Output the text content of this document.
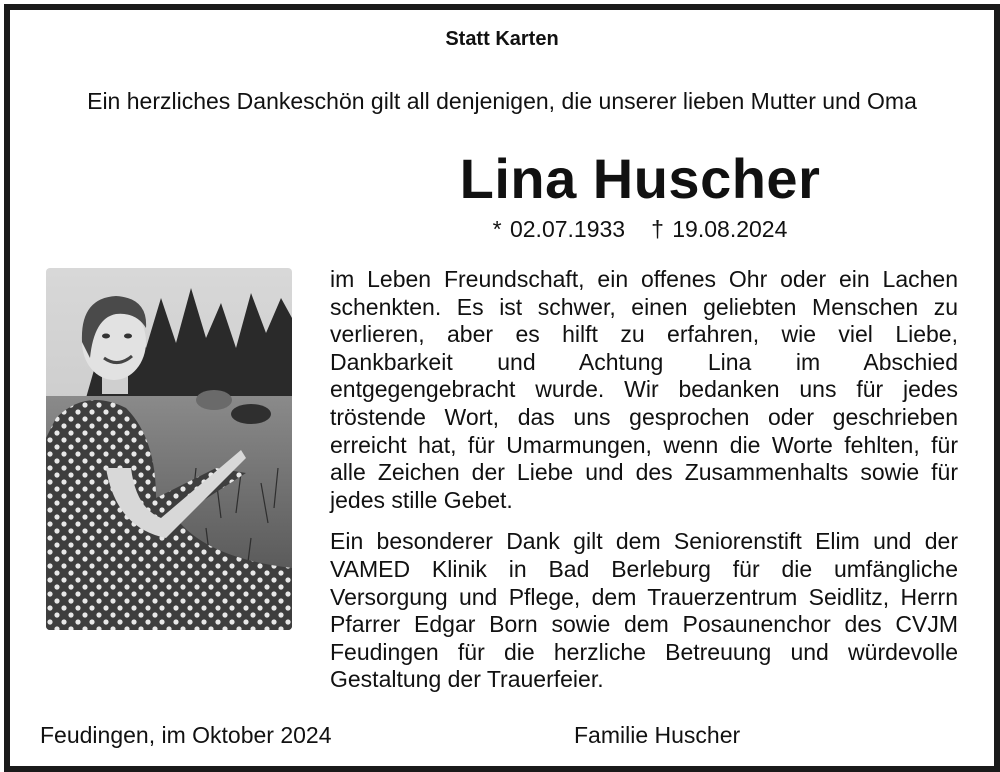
Statt Karten
Ein herzliches Dankeschön gilt all denjenigen, die unserer lieben Mutter und Oma
Lina Huscher
* 02.07.1933 † 19.08.2024

im Leben Freundschaft, ein offenes Ohr oder ein Lachen schenkten. Es ist schwer, einen geliebten Menschen zu verlieren, aber es hilft zu erfahren, wie viel Liebe, Dankbarkeit und Achtung Lina im Abschied entgegengebracht wurde. Wir bedanken uns für jedes tröstende Wort, das uns gesprochen oder geschrieben erreicht hat, für Umarmungen, wenn die Worte fehlten, für alle Zeichen der Liebe und des Zusammenhalts sowie für jedes stille Gebet.

Ein besonderer Dank gilt dem Seniorenstift Elim und der VAMED Klinik in Bad Berleburg für die umfängliche Versorgung und Pflege, dem Trauerzentrum Seidlitz, Herrn Pfarrer Edgar Born sowie dem Posaunenchor des CVJM Feudingen für die herzliche Betreuung und würdevolle Gestaltung der Trauerfeier.

Feudingen, im Oktober 2024	Familie Huscher
